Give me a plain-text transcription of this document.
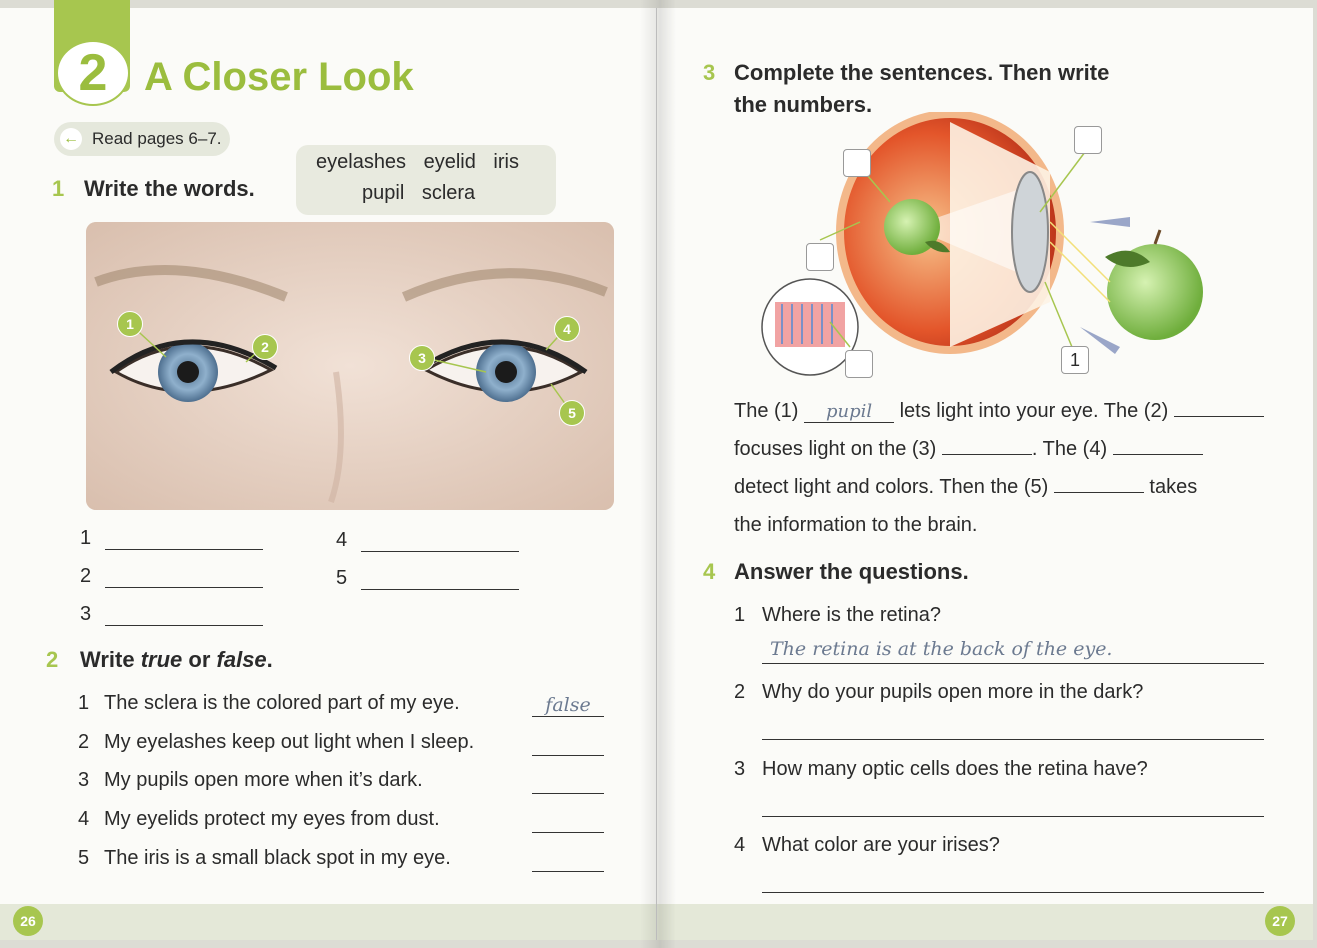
2 A Closer Look
← Read pages 6–7.
1 Write the words.
eyelashes eyelid iris
pupil sclera
1
2
3
4
5
1
2
3
4
5
2 Write true or false.
1 The sclera is the colored part of my eye.	false
2 My eyelashes keep out light when I sleep.
3 My pupils open more when it’s dark.
4 My eyelids protect my eyes from dust.
5 The iris is a small black spot in my eye.
26
3 Complete the sentences. Then write
the numbers.
1
The (1) pupil lets light into your eye. The (2)
focuses light on the (3)	. The (4)
detect light and colors. Then the (5)	takes
the information to the brain.
4 Answer the questions.
1 Where is the retina?
The retina is at the back of the eye.
2 Why do your pupils open more in the dark?
3 How many optic cells does the retina have?
4 What color are your irises?
27
